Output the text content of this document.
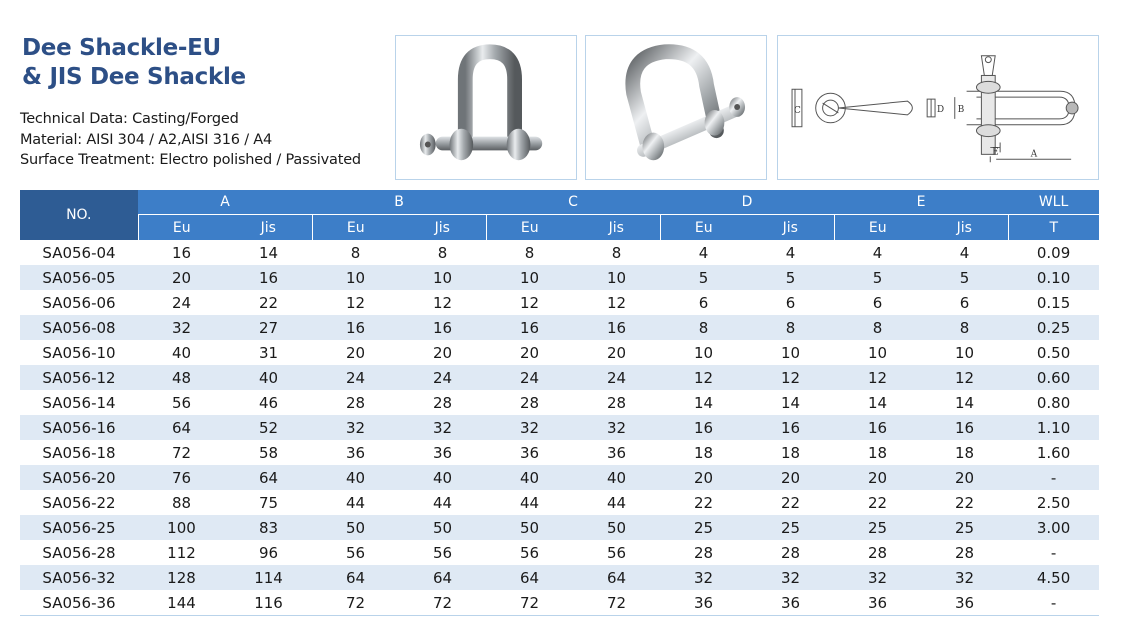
Dee Shackle-EU
& JIS Dee Shackle
Technical Data: Casting/Forged
Material: AISI 304 / A2,AISI 316 / A4
Surface Treatment: Electro polished / Passivated
C	D B
E	A
NO.	A		B		C		D		E		WLL
	Eu	Jis	Eu	Jis	Eu	Jis	Eu	Jis	Eu	Jis	T
SA056-04	16	14	8	8	8	8	4	4	4	4	0.09
SA056-05	20	16	10	10	10	10	5	5	5	5	0.10
SA056-06	24	22	12	12	12	12	6	6	6	6	0.15
SA056-08	32	27	16	16	16	16	8	8	8	8	0.25
SA056-10	40	31	20	20	20	20	10	10	10	10	0.50
SA056-12	48	40	24	24	24	24	12	12	12	12	0.60
SA056-14	56	46	28	28	28	28	14	14	14	14	0.80
SA056-16	64	52	32	32	32	32	16	16	16	16	1.10
SA056-18	72	58	36	36	36	36	18	18	18	18	1.60
SA056-20	76	64	40	40	40	40	20	20	20	20	-
SA056-22	88	75	44	44	44	44	22	22	22	22	2.50
SA056-25	100	83	50	50	50	50	25	25	25	25	3.00
SA056-28	112	96	56	56	56	56	28	28	28	28	-
SA056-32	128	114	64	64	64	64	32	32	32	32	4.50
SA056-36	144	116	72	72	72	72	36	36	36	36	-
